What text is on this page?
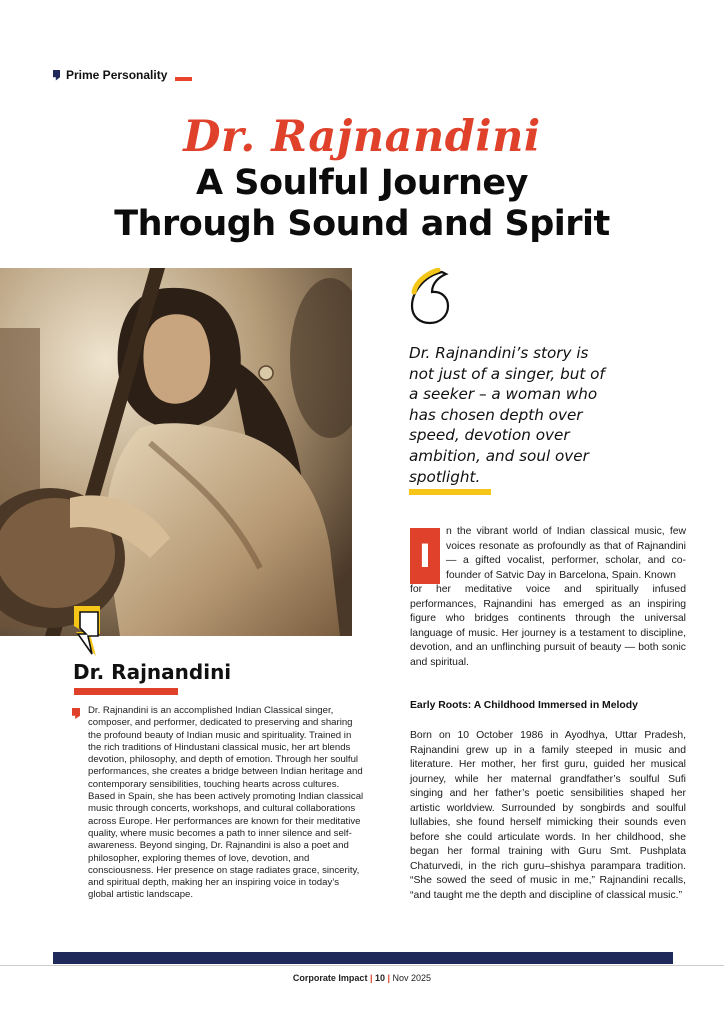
Prime Personality
Dr. Rajnandini
A Soulful Journey
Through Sound and Spirit
Dr. Rajnandini’s story is not just of a singer, but of a seeker – a woman who has chosen depth over speed, devotion over ambition, and soul over spotlight.
I

n the vibrant world of Indian classical music, few voices resonate as profoundly as that of Rajnandini — a gifted vocalist, performer, scholar, and co-founder of Satvic Day in Barcelona, Spain. Known

for her meditative voice and spiritually infused performances, Rajnandini has emerged as an inspiring figure who bridges continents through the universal language of music. Her journey is a testament to discipline, devotion, and an unflinching pursuit of beauty — both sonic and spiritual.

Early Roots: A Childhood Immersed in Melody

Born on 10 October 1986 in Ayodhya, Uttar Pradesh, Rajnandini grew up in a family steeped in music and literature. Her mother, her first guru, guided her musical journey, while her maternal grandfather’s soulful Sufi singing and her father’s poetic sensibilities shaped her artistic worldview. Surrounded by songbirds and soulful lullabies, she found herself mimicking their sounds even before she could articulate words. In her childhood, she began her formal training with Guru Smt. Pushplata Chaturvedi, in the rich guru–shishya parampara tradition. “She sowed the seed of music in me,” Rajnandini recalls, “and taught me the depth and discipline of classical music.”

Dr. Rajnandini

Dr. Rajnandini is an accomplished Indian Classical singer, composer, and performer, dedicated to preserving and sharing the profound beauty of Indian music and spirituality. Trained in the rich traditions of Hindustani classical music, her art blends devotion, philosophy, and depth of emotion. Through her soulful performances, she creates a bridge between Indian heritage and contemporary sensibilities, touching hearts across cultures. Based in Spain, she has been actively promoting Indian classical music through concerts, workshops, and cultural collaborations across Europe. Her performances are known for their meditative quality, where music becomes a path to inner silence and self-awareness. Beyond singing, Dr. Rajnandini is also a poet and philosopher, exploring themes of love, devotion, and consciousness. Her presence on stage radiates grace, sincerity, and spiritual depth, making her an inspiring voice in today’s global artistic landscape.

Corporate Impact | 10 | Nov 2025
